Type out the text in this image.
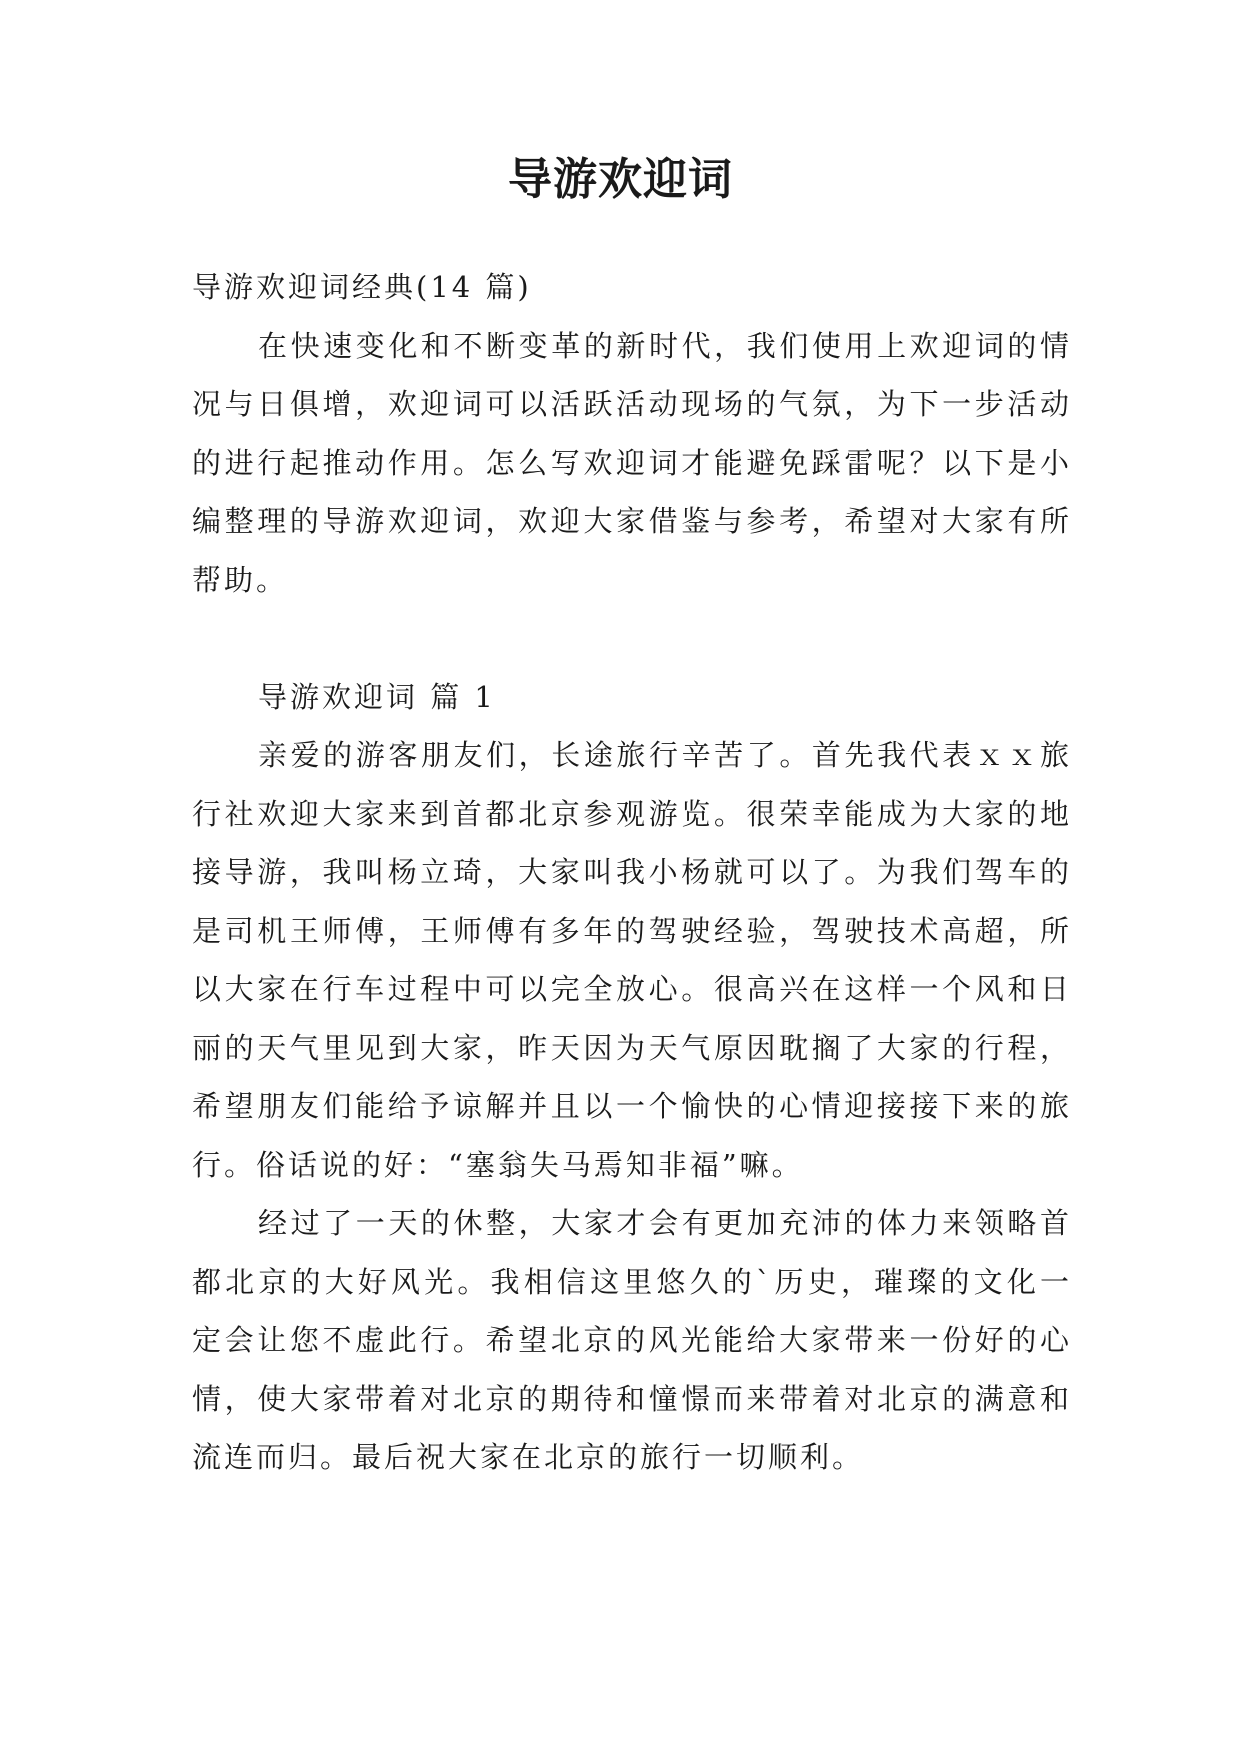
导游欢迎词

导游欢迎词经典(14 篇)

在快速变化和不断变革的新时代，我们使用上欢迎词的情况与日俱增，欢迎词可以活跃活动现场的气氛，为下一步活动的进行起推动作用。怎么写欢迎词才能避免踩雷呢？以下是小编整理的导游欢迎词，欢迎大家借鉴与参考，希望对大家有所帮助。

导游欢迎词 篇 1

亲爱的游客朋友们，长途旅行辛苦了。首先我代表ｘｘ旅行社欢迎大家来到首都北京参观游览。很荣幸能成为大家的地接导游，我叫杨立琦，大家叫我小杨就可以了。为我们驾车的是司机王师傅，王师傅有多年的驾驶经验，驾驶技术高超，所以大家在行车过程中可以完全放心。很高兴在这样一个风和日丽的天气里见到大家，昨天因为天气原因耽搁了大家的行程，希望朋友们能给予谅解并且以一个愉快的心情迎接接下来的旅行。俗话说的好：“塞翁失马焉知非福”嘛。

经过了一天的休整，大家才会有更加充沛的体力来领略首都北京的大好风光。我相信这里悠久的`历史，璀璨的文化一定会让您不虚此行。希望北京的风光能给大家带来一份好的心情，使大家带着对北京的期待和憧憬而来带着对北京的满意和流连而归。最后祝大家在北京的旅行一切顺利。
